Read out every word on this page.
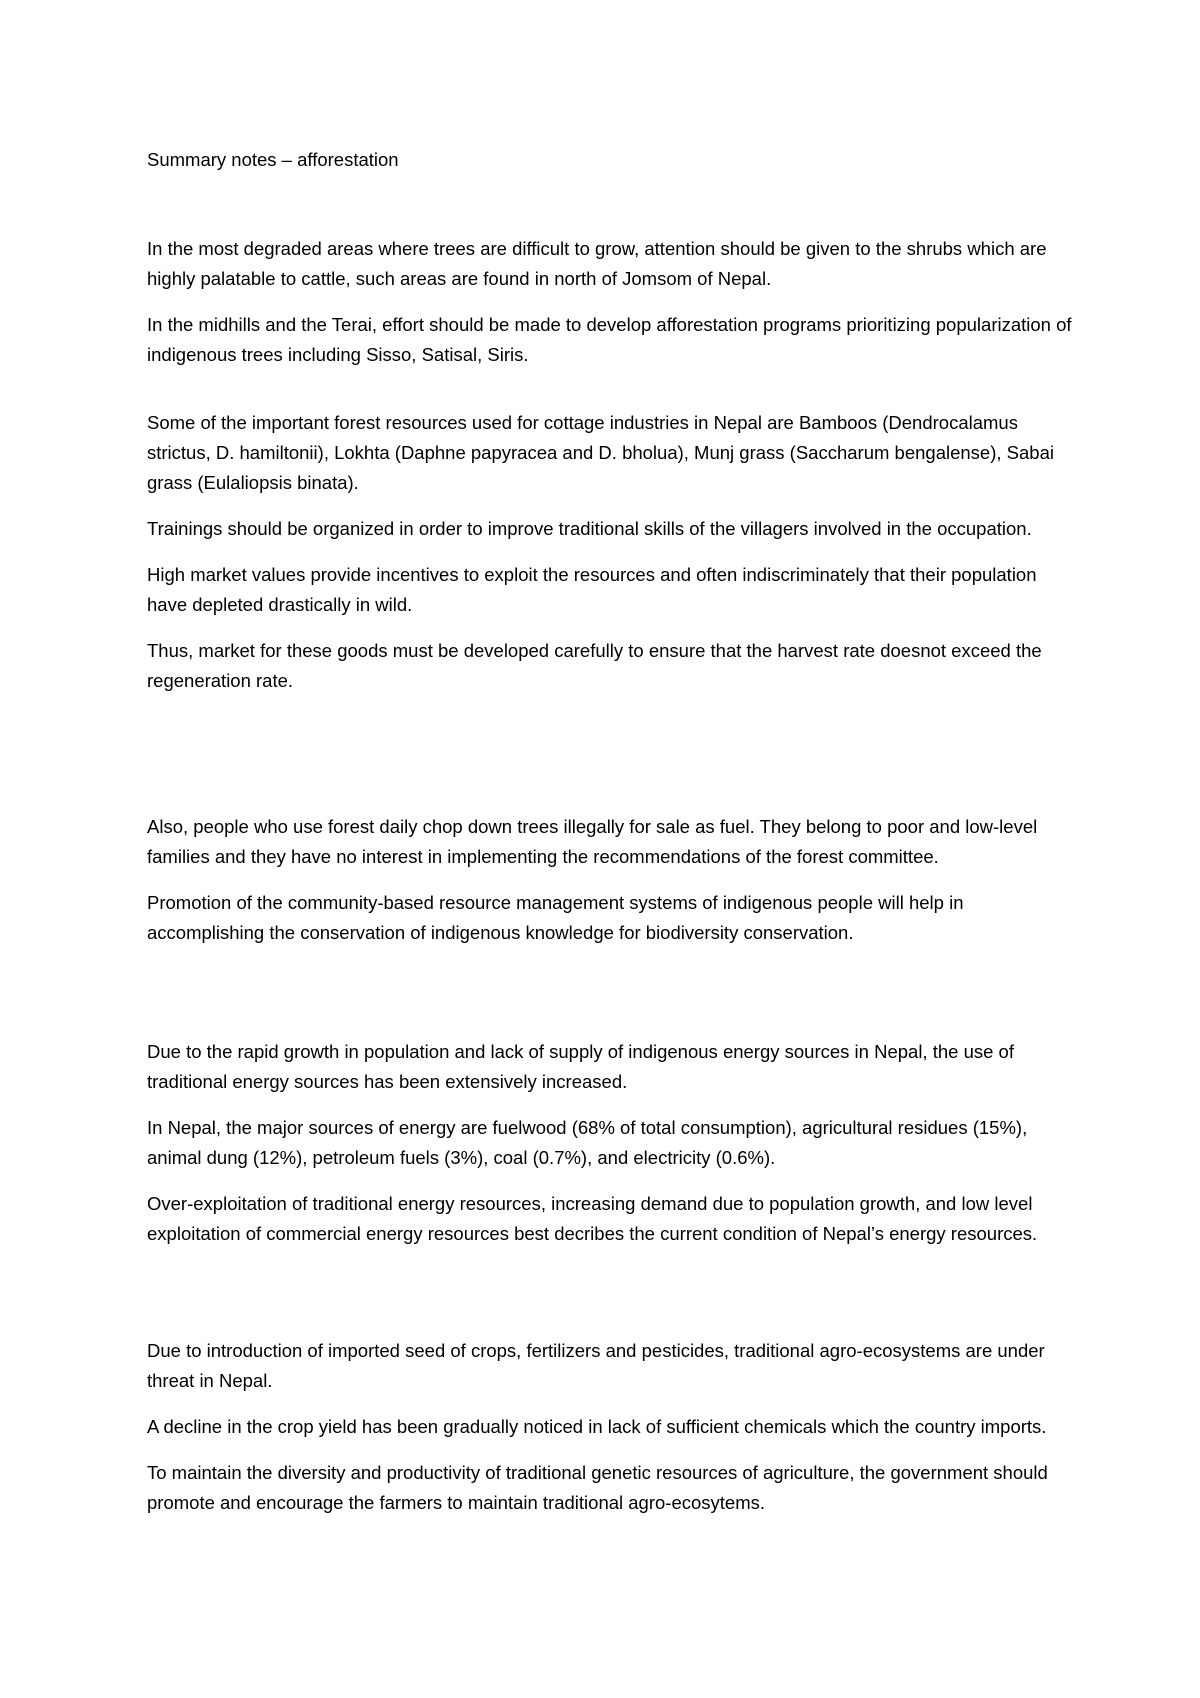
Summary notes – afforestation

In the most degraded areas where trees are difficult to grow, attention should be given to the shrubs which are highly palatable to cattle, such areas are found in north of Jomsom of Nepal.

In the midhills and the Terai, effort should be made to develop afforestation programs prioritizing popularization of indigenous trees including Sisso, Satisal, Siris.

Some of the important forest resources used for cottage industries in Nepal are Bamboos (Dendrocalamus strictus, D. hamiltonii), Lokhta (Daphne papyracea and D. bholua), Munj grass (Saccharum bengalense), Sabai grass (Eulaliopsis binata).

Trainings should be organized in order to improve traditional skills of the villagers involved in the occupation.

High market values provide incentives to exploit the resources and often indiscriminately that their population have depleted drastically in wild.

Thus, market for these goods must be developed carefully to ensure that the harvest rate doesnot exceed the regeneration rate.

Also, people who use forest daily chop down trees illegally for sale as fuel. They belong to poor and low-level families and they have no interest in implementing the recommendations of the forest committee.

Promotion of the community-based resource management systems of indigenous people will help in accomplishing the conservation of indigenous knowledge for biodiversity conservation.

Due to the rapid growth in population and lack of supply of indigenous energy sources in Nepal, the use of traditional energy sources has been extensively increased.

In Nepal, the major sources of energy are fuelwood (68% of total consumption), agricultural residues (15%), animal dung (12%), petroleum fuels (3%), coal (0.7%), and electricity (0.6%).

Over-exploitation of traditional energy resources, increasing demand due to population growth, and low level exploitation of commercial energy resources best decribes the current condition of Nepal’s energy resources.

Due to introduction of imported seed of crops, fertilizers and pesticides, traditional agro-ecosystems are under threat in Nepal.

A decline in the crop yield has been gradually noticed in lack of sufficient chemicals which the country imports.

To maintain the diversity and productivity of traditional genetic resources of agriculture, the government should promote and encourage the farmers to maintain traditional agro-ecosytems.
